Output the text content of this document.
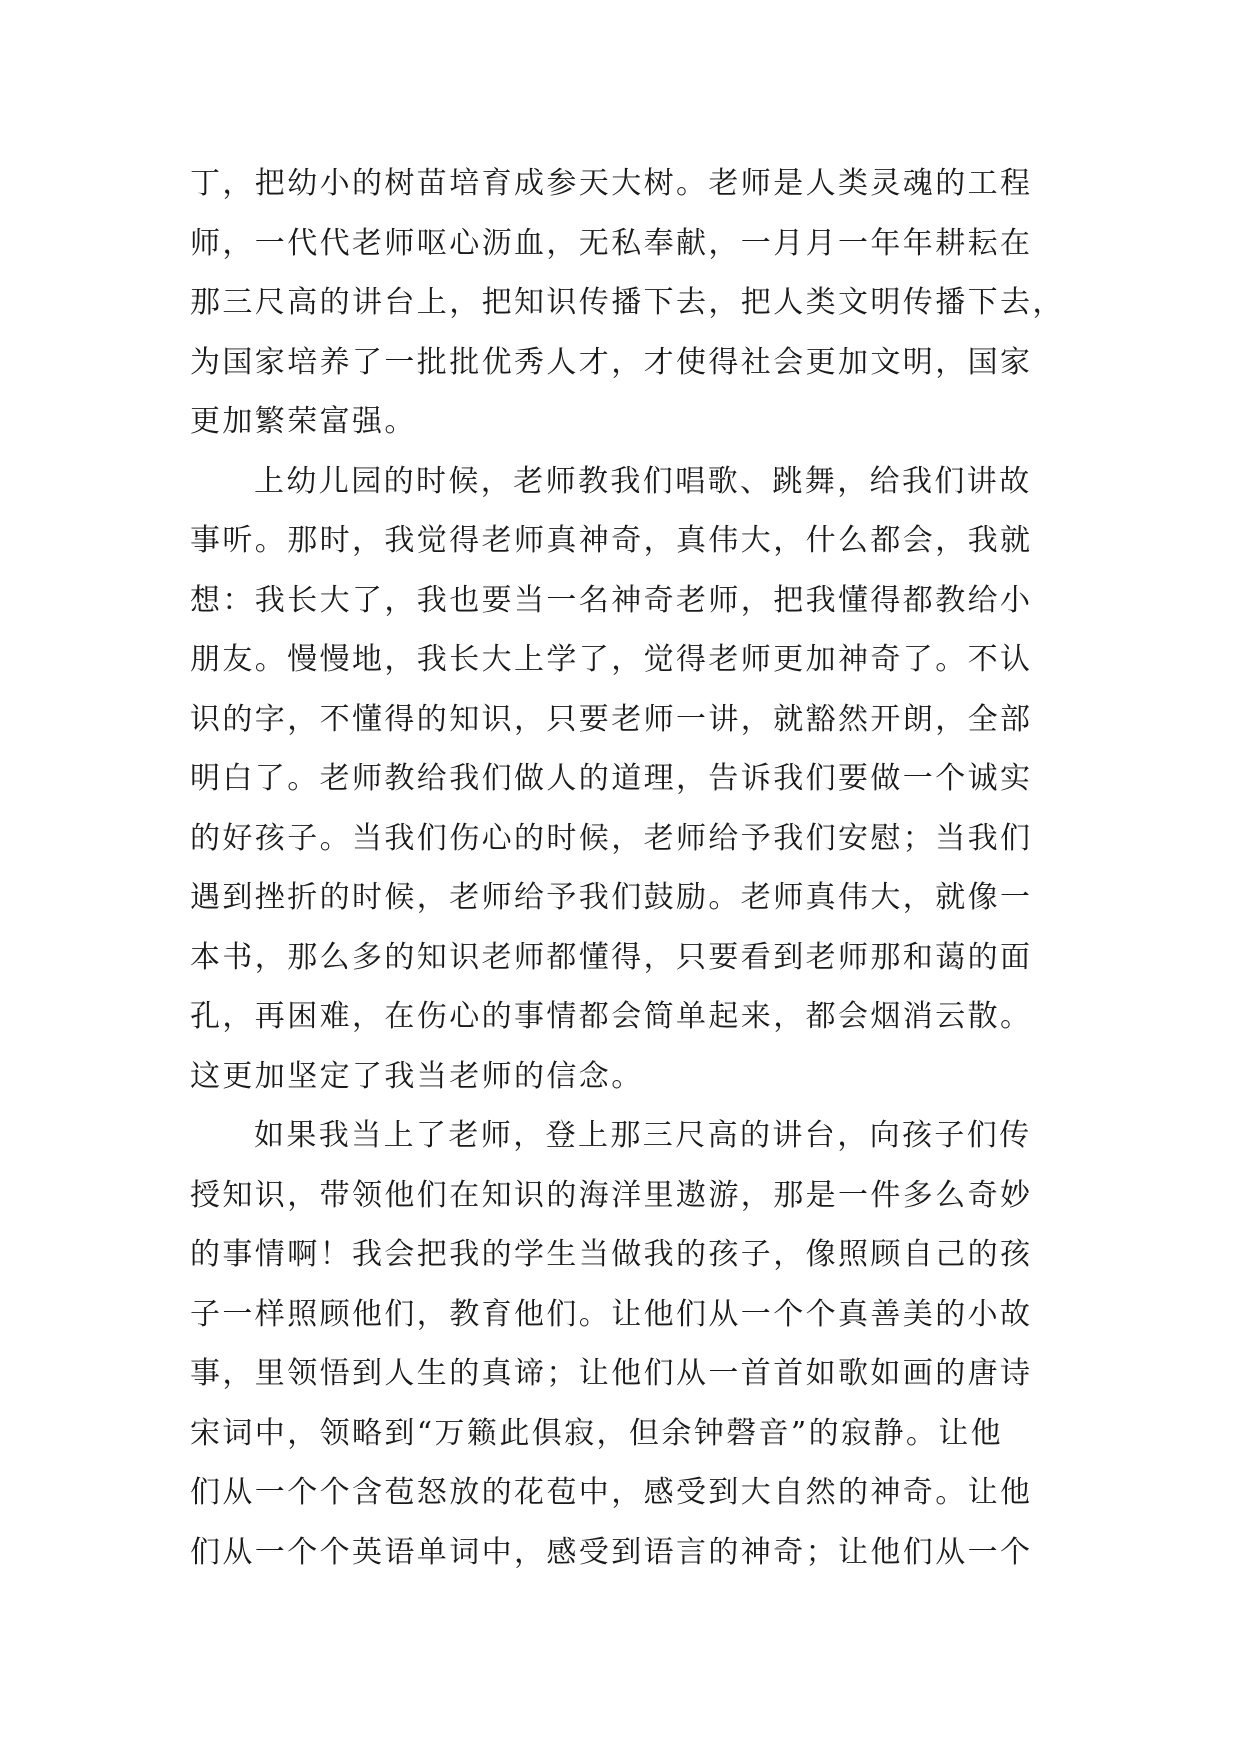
丁，把幼小的树苗培育成参天大树。老师是人类灵魂的工程
师，一代代老师呕心沥血，无私奉献，一月月一年年耕耘在
那三尺高的讲台上，把知识传播下去，把人类文明传播下去，
为国家培养了一批批优秀人才，才使得社会更加文明，国家
更加繁荣富强。
上幼儿园的时候，老师教我们唱歌、跳舞，给我们讲故
事听。那时，我觉得老师真神奇，真伟大，什么都会，我就
想：我长大了，我也要当一名神奇老师，把我懂得都教给小
朋友。慢慢地，我长大上学了，觉得老师更加神奇了。不认
识的字，不懂得的知识，只要老师一讲，就豁然开朗，全部
明白了。老师教给我们做人的道理，告诉我们要做一个诚实
的好孩子。当我们伤心的时候，老师给予我们安慰；当我们
遇到挫折的时候，老师给予我们鼓励。老师真伟大，就像一
本书，那么多的知识老师都懂得，只要看到老师那和蔼的面
孔，再困难，在伤心的事情都会简单起来，都会烟消云散。
这更加坚定了我当老师的信念。
如果我当上了老师，登上那三尺高的讲台，向孩子们传
授知识，带领他们在知识的海洋里遨游，那是一件多么奇妙
的事情啊！我会把我的学生当做我的孩子，像照顾自己的孩
子一样照顾他们，教育他们。让他们从一个个真善美的小故
事，里领悟到人生的真谛；让他们从一首首如歌如画的唐诗
宋词中，领略到“万籁此俱寂，但余钟磬音”的寂静。让他
们从一个个含苞怒放的花苞中，感受到大自然的神奇。让他
们从一个个英语单词中，感受到语言的神奇；让他们从一个
